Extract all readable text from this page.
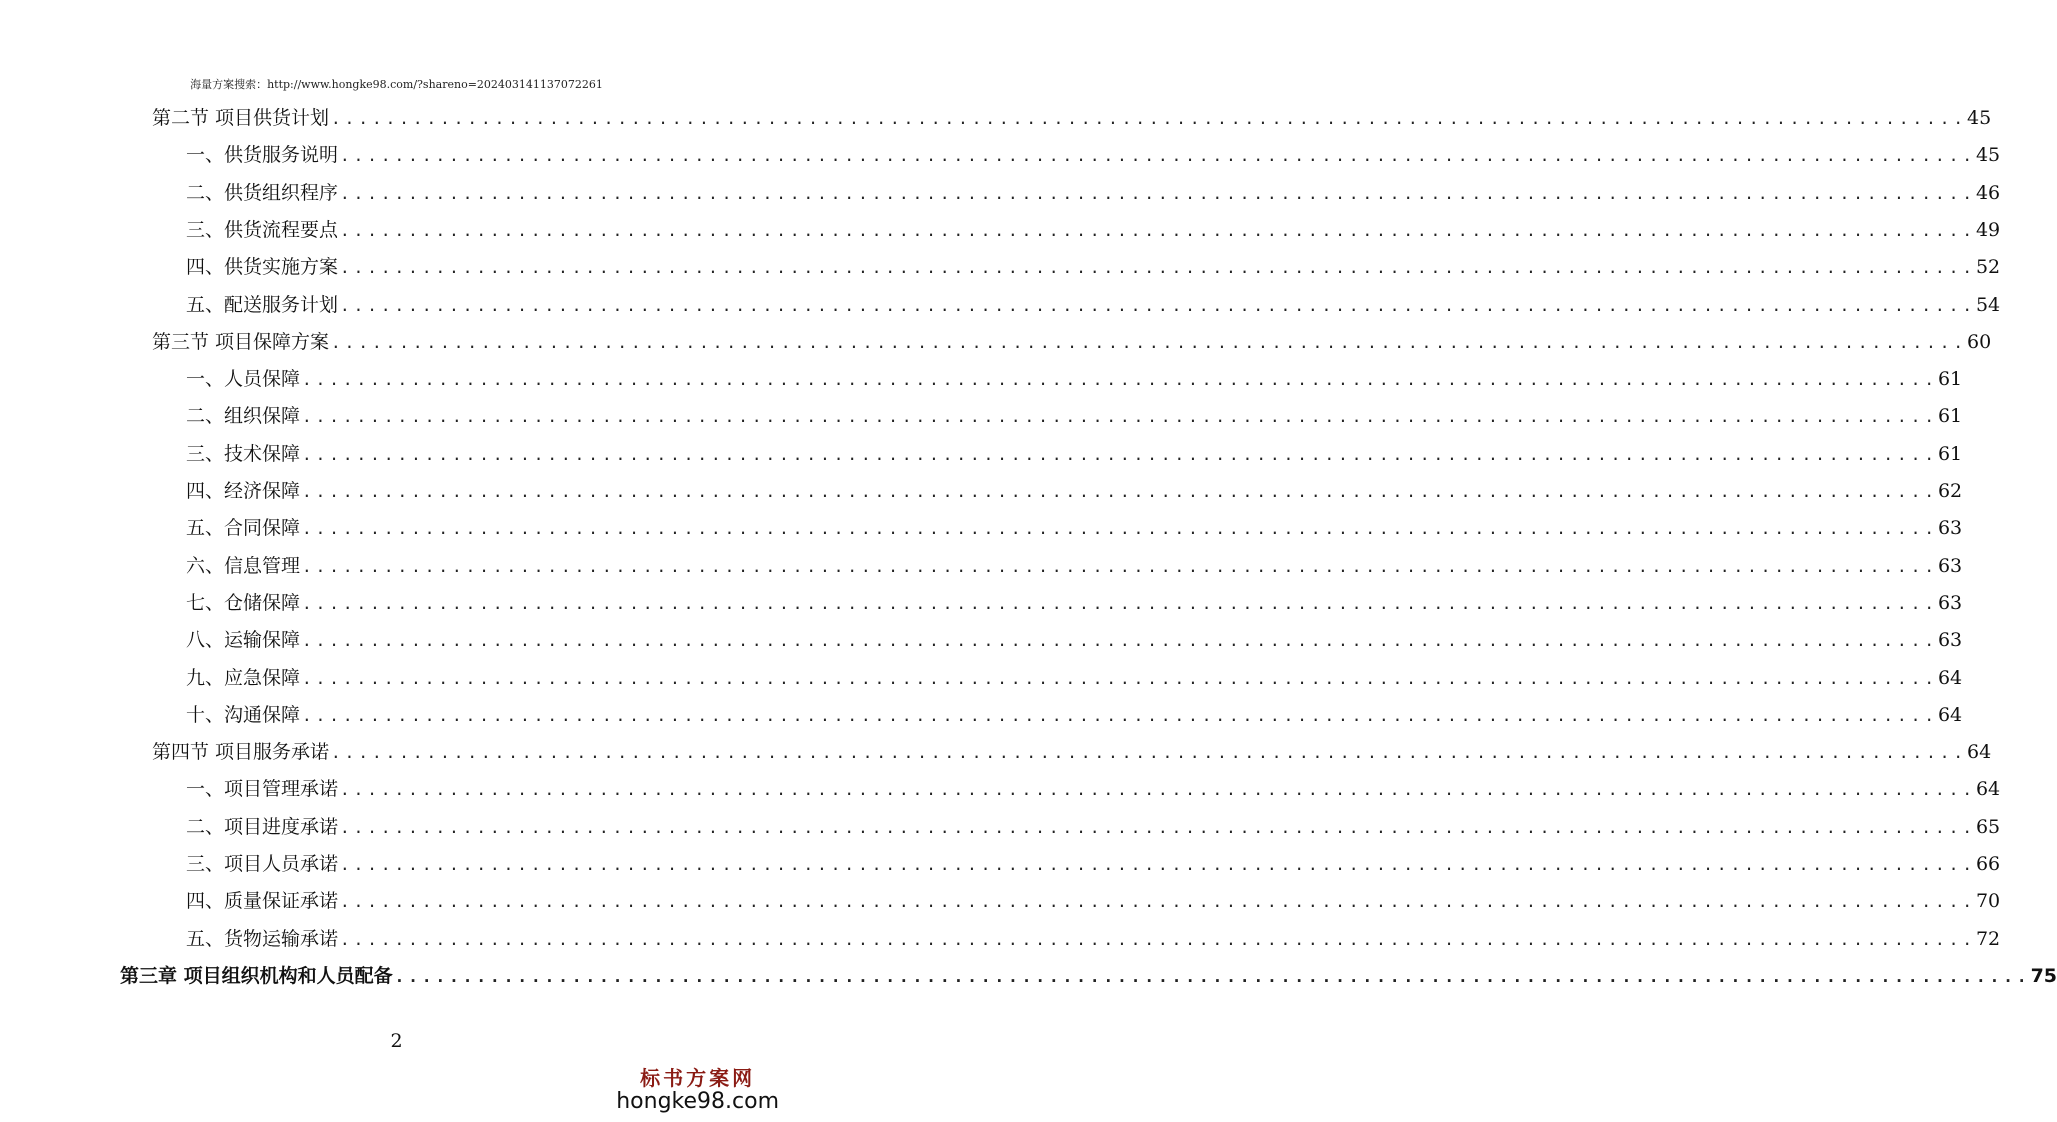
海量方案搜索：http://www.hongke98.com/?shareno=202403141137072261
第二节 项目供货计划 ........................................................................................................................ 45
一、供货服务说明 ........................................................................................................................ 45
二、供货组织程序 ........................................................................................................................ 46
三、供货流程要点 ........................................................................................................................ 49
四、供货实施方案 ........................................................................................................................ 52
五、配送服务计划 ........................................................................................................................ 54
第三节 项目保障方案 ........................................................................................................................ 60
一、人员保障 ........................................................................................................................ 61
二、组织保障 ........................................................................................................................ 61
三、技术保障 ........................................................................................................................ 61
四、经济保障 ........................................................................................................................ 62
五、合同保障 ........................................................................................................................ 63
六、信息管理 ........................................................................................................................ 63
七、仓储保障 ........................................................................................................................ 63
八、运输保障 ........................................................................................................................ 63
九、应急保障 ........................................................................................................................ 64
十、沟通保障 ........................................................................................................................ 64
第四节 项目服务承诺 ........................................................................................................................ 64
一、项目管理承诺 ........................................................................................................................ 64
二、项目进度承诺 ........................................................................................................................ 65
三、项目人员承诺 ........................................................................................................................ 66
四、质量保证承诺 ........................................................................................................................ 70
五、货物运输承诺 ........................................................................................................................ 72
第三章 项目组织机构和人员配备 ........................................................................................................................ 75
2
标书方案网
hongke98.com
